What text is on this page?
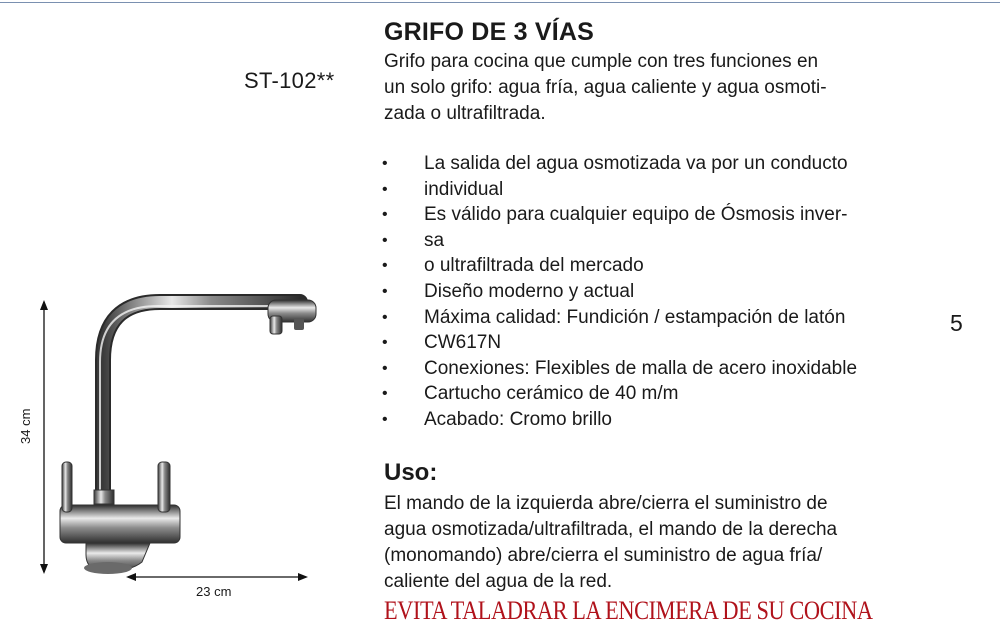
ST-102**
GRIFO DE 3 VÍAS
Grifo para cocina que cumple con tres funciones en
un solo grifo: agua fría, agua caliente y agua osmoti-
zada o ultrafiltrada.
• La salida del agua osmotizada va por un conducto
• individual
• Es válido para cualquier equipo de Ósmosis inver-
• sa
• o ultrafiltrada del mercado
• Diseño moderno y actual
• Máxima calidad: Fundición / estampación de latón
• CW617N
• Conexiones: Flexibles de malla de acero inoxidable
• Cartucho cerámico de 40 m/m
• Acabado: Cromo brillo
5
Uso:
El mando de la izquierda abre/cierra el suministro de
agua osmotizada/ultrafiltrada, el mando de la derecha
(monomando) abre/cierra el suministro de agua fría/
caliente del agua de la red.
EVITA TALADRAR LA ENCIMERA DE SU COCINA
34 cm
23 cm
